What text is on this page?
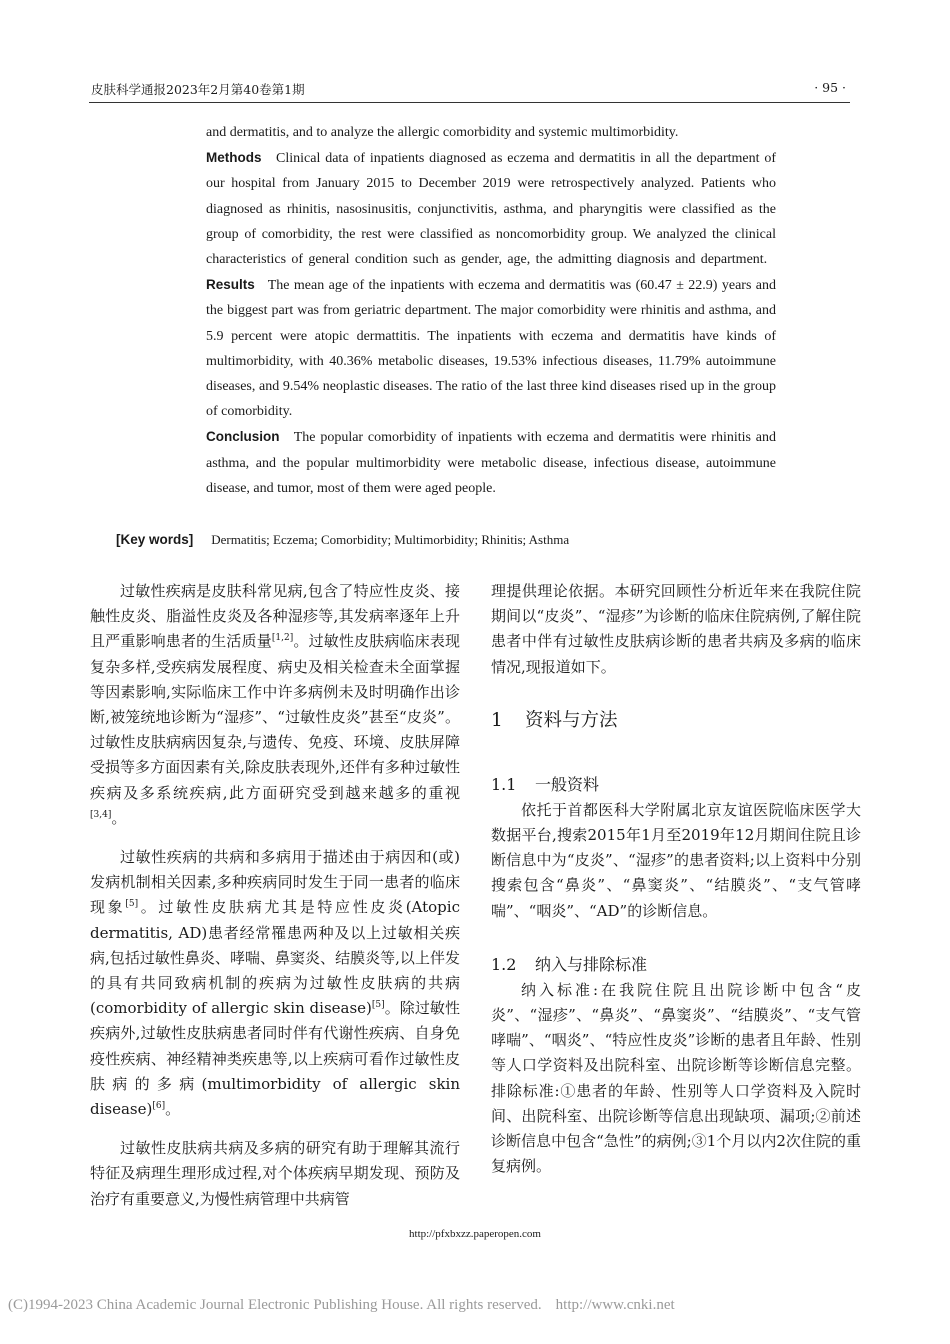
皮肤科学通报2023年2月第40卷第1期	· 95 ·

and dermatitis, and to analyze the allergic comorbidity and systemic multimorbidity.

Methods Clinical data of inpatients diagnosed as eczema and dermatitis in all the department of our hospital from January 2015 to December 2019 were retrospectively analyzed. Patients who diagnosed as rhinitis, nasosinusitis, conjunctivitis, asthma, and pharyngitis were classified as the group of comorbidity, the rest were classified as noncomorbidity group. We analyzed the clinical characteristics of general condition such as gender, age, the admitting diagnosis and department.   Results The mean age of the inpatients with eczema and dermatitis was (60.47 ± 22.9) years and the biggest part was from geriatric department. The major comorbidity were rhinitis and asthma, and 5.9 percent were atopic dermattitis. The inpatients with eczema and dermatitis have kinds of multimorbidity, with 40.36% metabolic diseases, 19.53% infectious diseases, 11.79% autoimmune diseases, and 9.54% neoplastic diseases. The ratio of the last three kind diseases rised up in the group of comorbidity.

Conclusion The popular comorbidity of inpatients with eczema and dermatitis were rhinitis and asthma, and the popular multimorbidity were metabolic disease, infectious disease, autoimmune disease, and tumor, most of them were aged people.

[Key words] Dermatitis; Eczema; Comorbidity; Multimorbidity; Rhinitis; Asthma

过敏性疾病是皮肤科常见病,包含了特应性皮炎、接触性皮炎、脂溢性皮炎及各种湿疹等,其发病率逐年上升且严重影响患者的生活质量[1,2]。过敏性皮肤病临床表现复杂多样,受疾病发展程度、病史及相关检查未全面掌握等因素影响,实际临床工作中许多病例未及时明确作出诊断,被笼统地诊断为“湿疹”、“过敏性皮炎”甚至“皮炎”。过敏性皮肤病病因复杂,与遗传、免疫、环境、皮肤屏障受损等多方面因素有关,除皮肤表现外,还伴有多种过敏性疾病及多系统疾病,此方面研究受到越来越多的重视[3,4]。

过敏性疾病的共病和多病用于描述由于病因和(或)发病机制相关因素,多种疾病同时发生于同一患者的临床现象[5]。过敏性皮肤病尤其是特应性皮炎(Atopic dermatitis, AD)患者经常罹患两种及以上过敏相关疾病,包括过敏性鼻炎、哮喘、鼻窦炎、结膜炎等,以上伴发的具有共同致病机制的疾病为过敏性皮肤病的共病(comorbidity of allergic skin disease)[5]。除过敏性疾病外,过敏性皮肤病患者同时伴有代谢性疾病、自身免疫性疾病、神经精神类疾患等,以上疾病可看作过敏性皮肤病的多病(multimorbidity of allergic skin disease)[6]。

过敏性皮肤病共病及多病的研究有助于理解其流行特征及病理生理形成过程,对个体疾病早期发现、预防及治疗有重要意义,为慢性病管理中共病管

理提供理论依据。本研究回顾性分析近年来在我院住院期间以“皮炎”、“湿疹”为诊断的临床住院病例,了解住院患者中伴有过敏性皮肤病诊断的患者共病及多病的临床情况,现报道如下。

1 资料与方法

1.1 一般资料

依托于首都医科大学附属北京友谊医院临床医学大数据平台,搜索2015年1月至2019年12月期间住院且诊断信息中为“皮炎”、“湿疹”的患者资料;以上资料中分别搜索包含“鼻炎”、“鼻窦炎”、“结膜炎”、“支气管哮喘”、“咽炎”、“AD”的诊断信息。

1.2 纳入与排除标准

纳入标准:在我院住院且出院诊断中包含“皮炎”、“湿疹”、“鼻炎”、“鼻窦炎”、“结膜炎”、“支气管哮喘”、“咽炎”、“特应性皮炎”诊断的患者且年龄、性别等人口学资料及出院科室、出院诊断等诊断信息完整。排除标准:①患者的年龄、性别等人口学资料及入院时间、出院科室、出院诊断等信息出现缺项、漏项;②前述诊断信息中包含“急性”的病例;③1个月以内2次住院的重复病例。

http://pfxbxzz.paperopen.com
(C)1994-2023 China Academic Journal Electronic Publishing House. All rights reserved. http://www.cnki.net
